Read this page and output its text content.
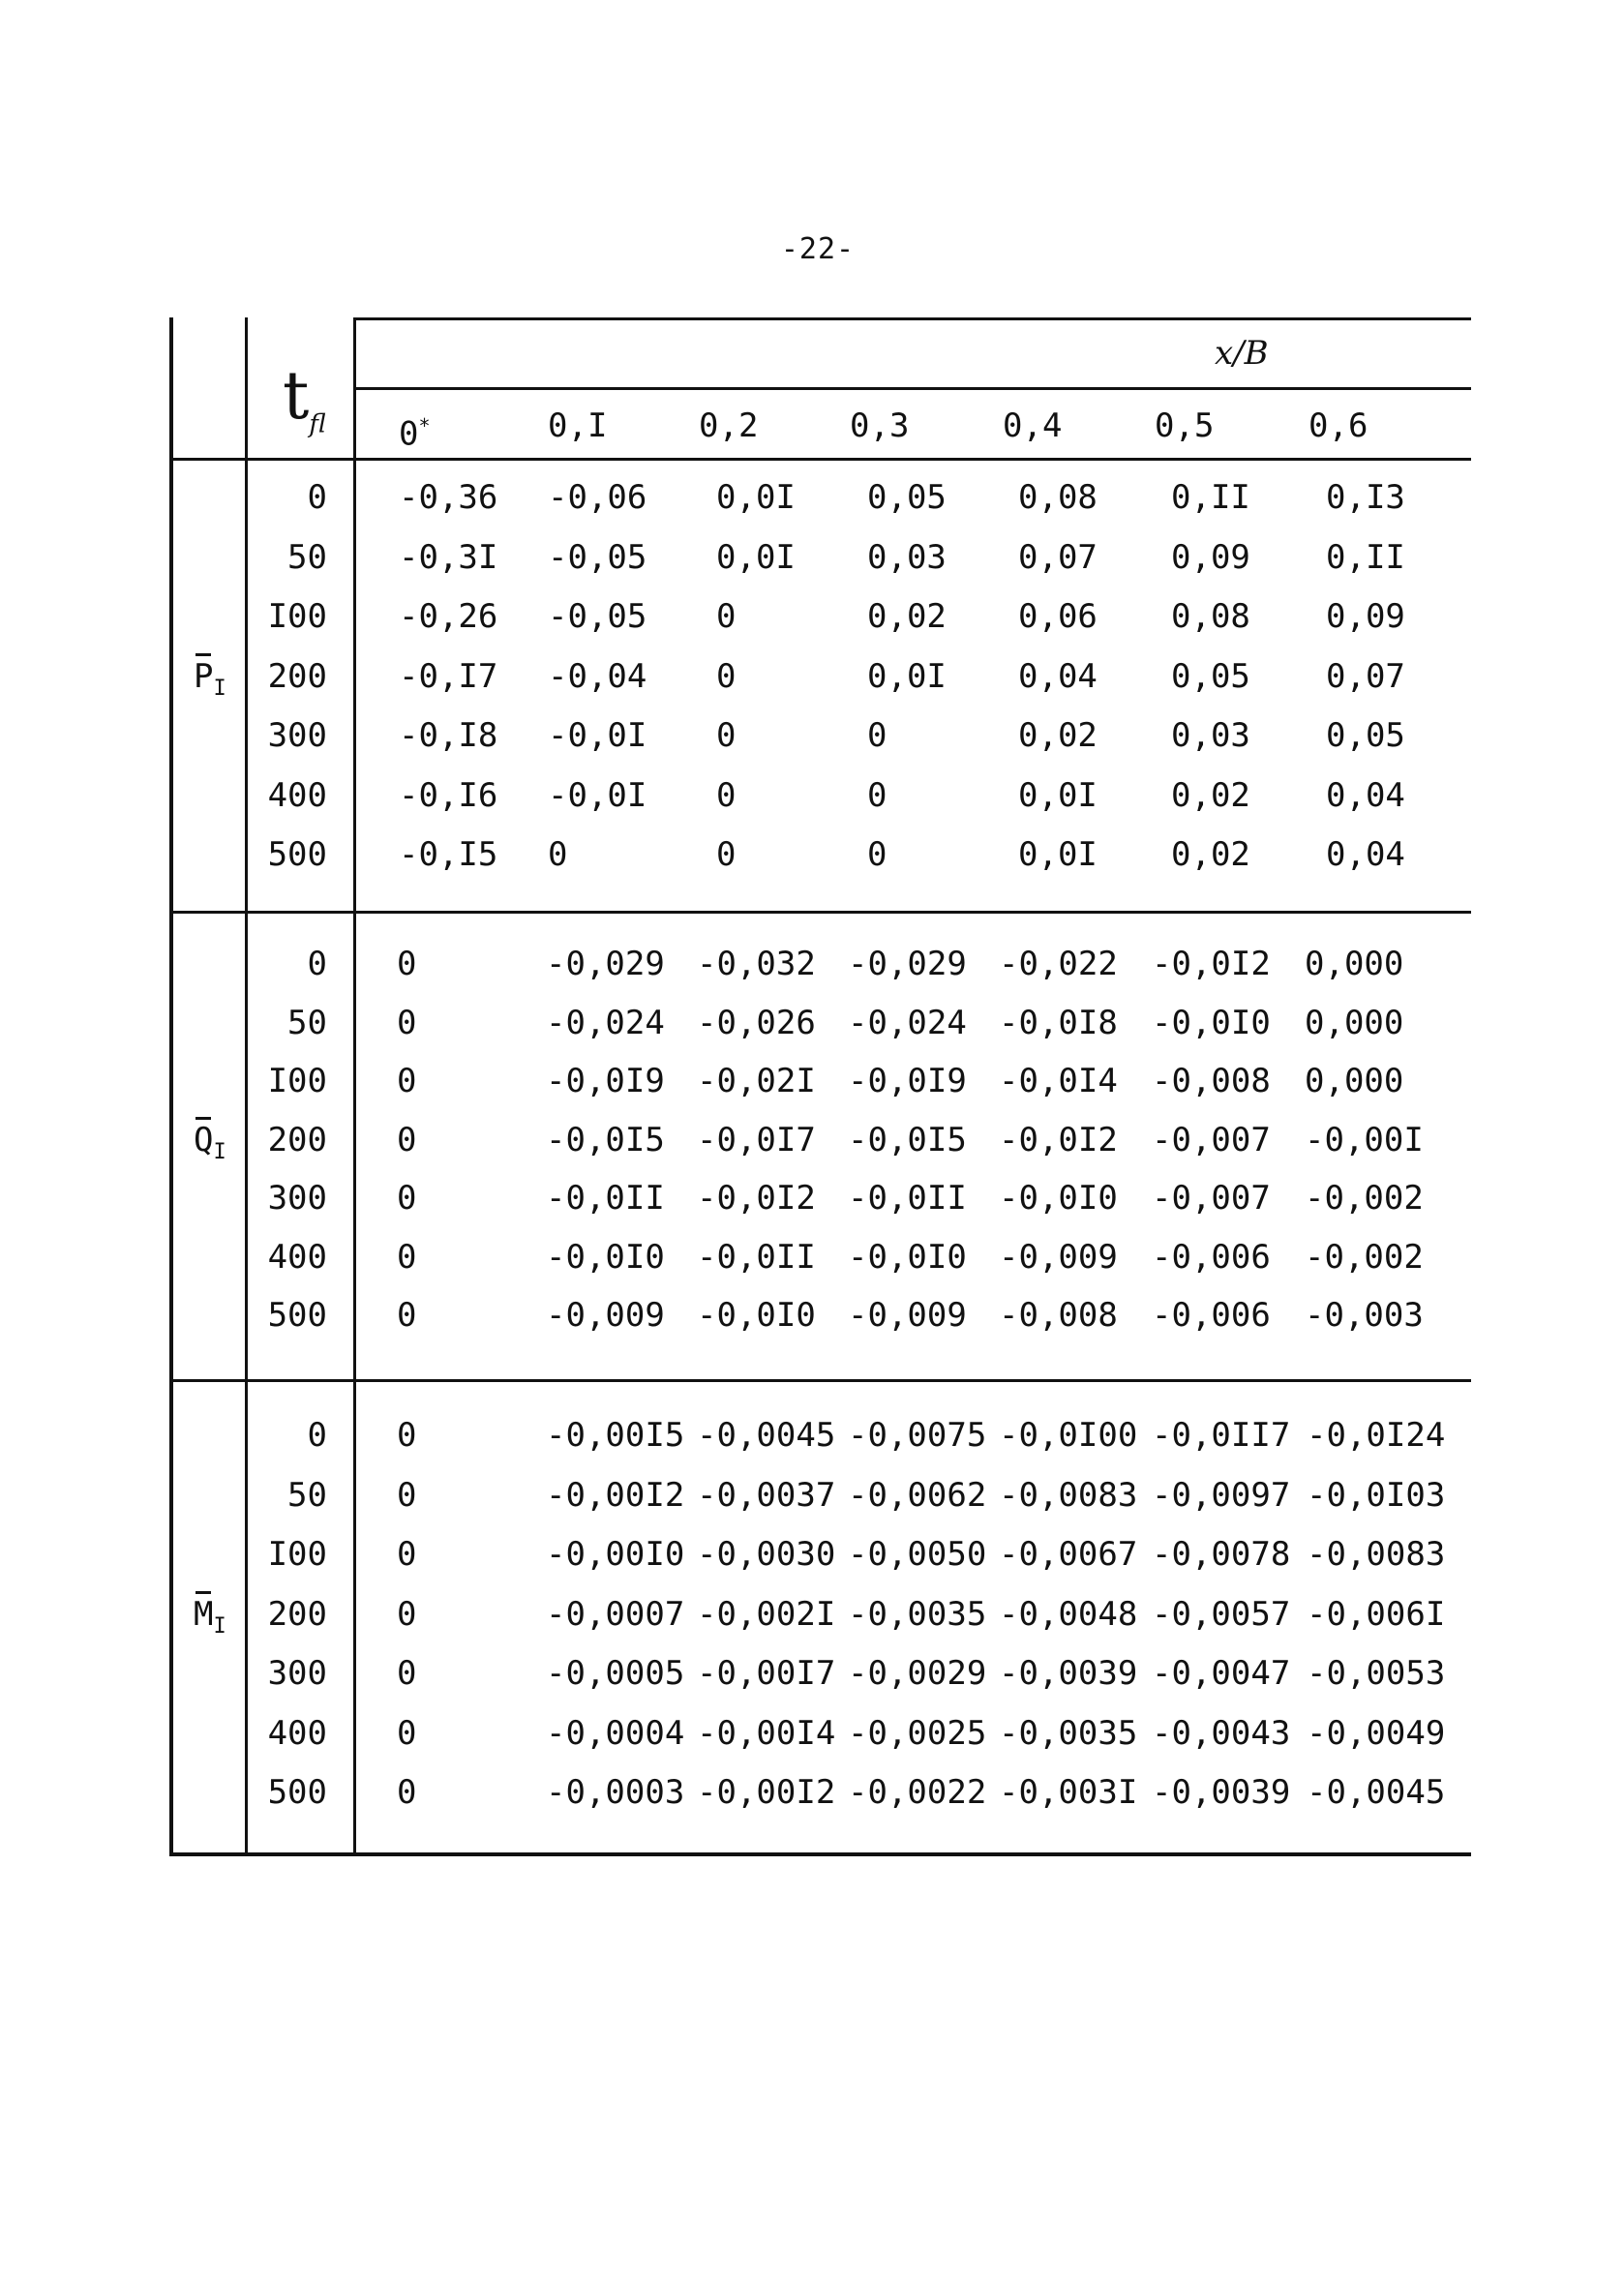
-22-
$t_{fl}$
x/B
0*	0,I	0,2	0,3	0,4	0,5	0,6
$P_I$
0 -0,36 -0,06 0,0I 0,05 0,08 0,II 0,I3
50 -0,3I -0,05 0,0I 0,03 0,07 0,09 0,II
I00 -0,26 -0,05 0	0,02 0,06 0,08 0,09
200 -0,I7 -0,04 0	0,0I 0,04 0,05 0,07
300 -0,I8 -0,0I 0	0	0,02 0,03 0,05
400 -0,I6 -0,0I 0	0	0,0I 0,02 0,04
500 -0,I5 0	0	0	0,0I 0,02 0,04
$Q_I$
0 0	-0,029 -0,032 -0,029 -0,022 -0,0I2 0,000
50 0	-0,024 -0,026 -0,024 -0,0I8 -0,0I0 0,000
I00 0	-0,0I9 -0,02I -0,0I9 -0,0I4 -0,008 0,000
200 0	-0,0I5 -0,0I7 -0,0I5 -0,0I2 -0,007 -0,00I
300 0	-0,0II -0,0I2 -0,0II -0,0I0 -0,007 -0,002
400 0	-0,0I0 -0,0II -0,0I0 -0,009 -0,006 -0,002
500 0	-0,009 -0,0I0 -0,009 -0,008 -0,006 -0,003
$M_I$
0 0	-0,00I5 -0,0045 -0,0075 -0,0I00 -0,0II7 -0,0I24
50 0	-0,00I2 -0,0037 -0,0062 -0,0083 -0,0097 -0,0I03
I00 0	-0,00I0 -0,0030 -0,0050 -0,0067 -0,0078 -0,0083
200 0	-0,0007 -0,002I -0,0035 -0,0048 -0,0057 -0,006I
300 0	-0,0005 -0,00I7 -0,0029 -0,0039 -0,0047 -0,0053
400 0	-0,0004 -0,00I4 -0,0025 -0,0035 -0,0043 -0,0049
500 0	-0,0003 -0,00I2 -0,0022 -0,003I -0,0039 -0,0045
